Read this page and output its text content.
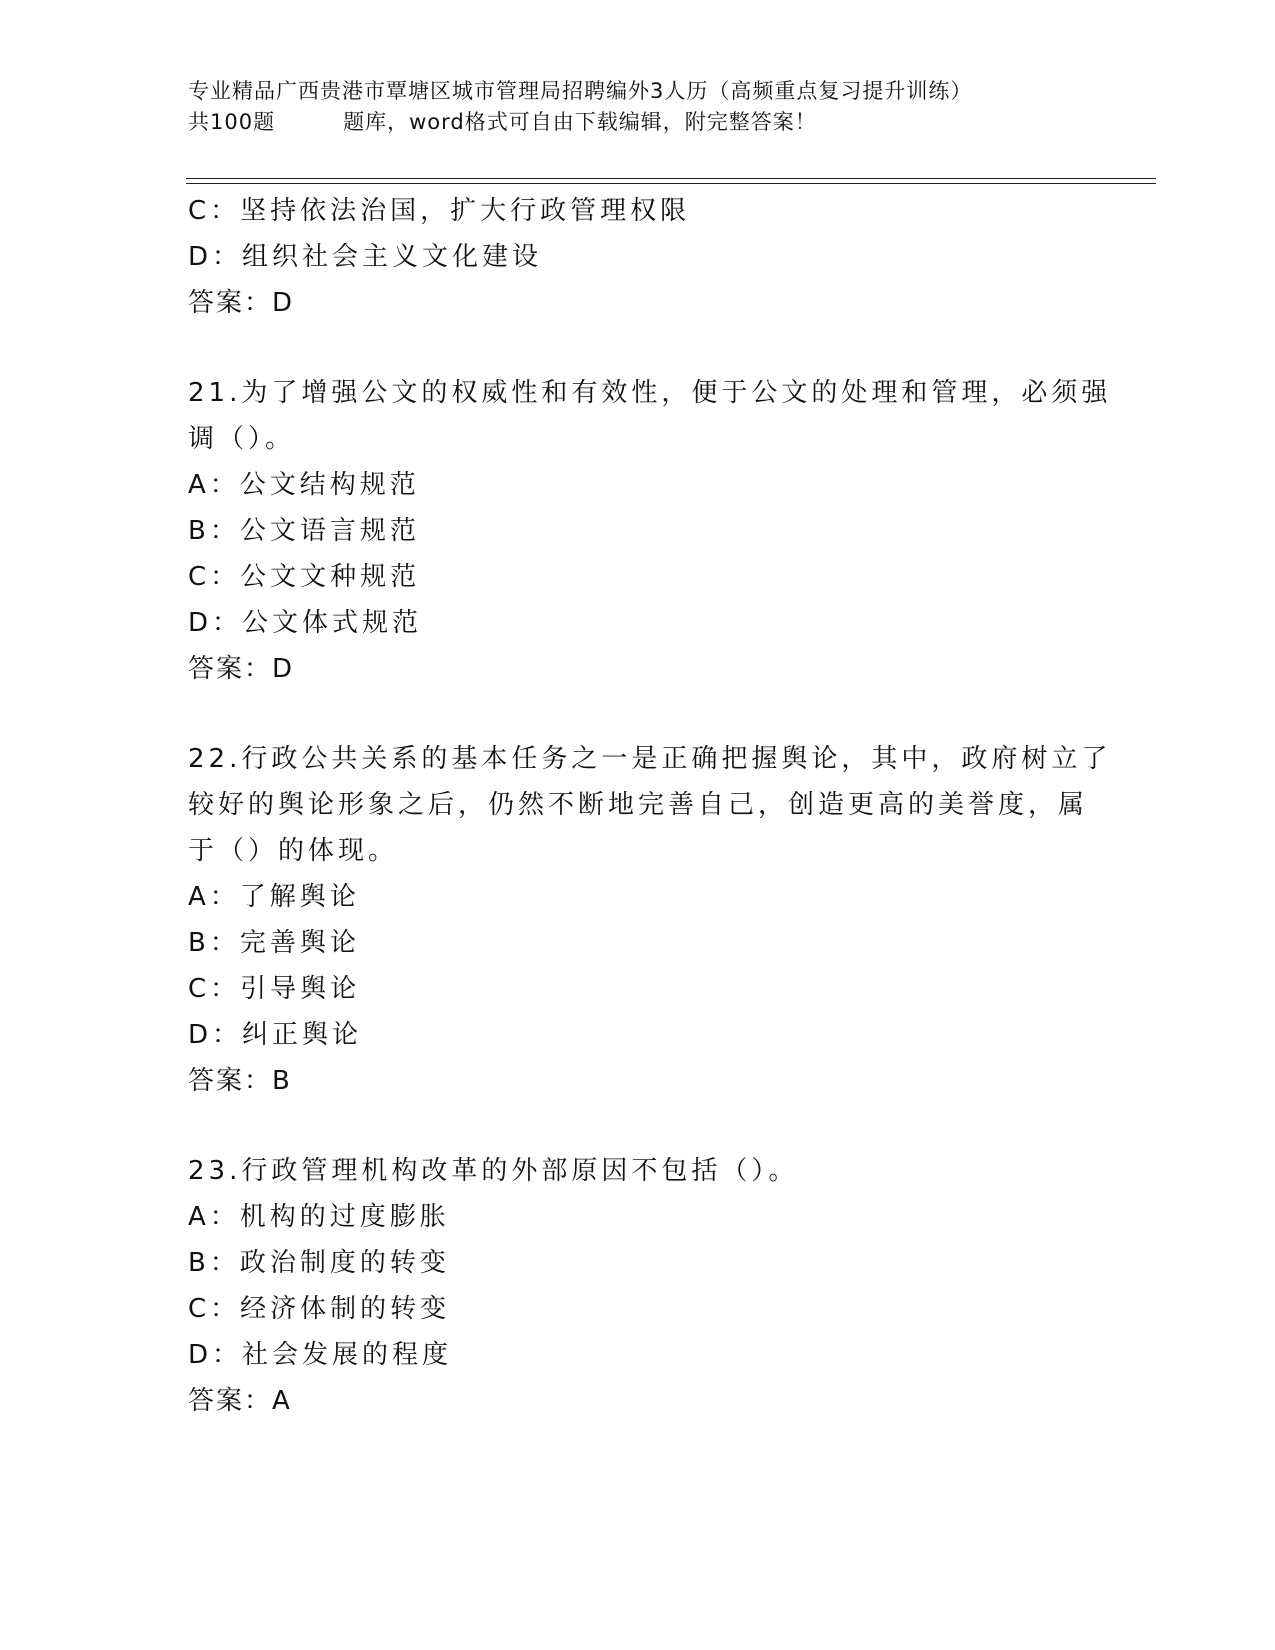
专业精品广西贵港市覃塘区城市管理局招聘编外3人历（高频重点复习提升训练）
共100题	题库，word格式可自由下载编辑，附完整答案！
C：坚持依法治国，扩大行政管理权限
D：组织社会主义文化建设
答案：D
21.为了增强公文的权威性和有效性，便于公文的处理和管理，必须强
调（）。
A：公文结构规范
B：公文语言规范
C：公文文种规范
D：公文体式规范
答案：D
22.行政公共关系的基本任务之一是正确把握舆论，其中，政府树立了
较好的舆论形象之后，仍然不断地完善自己，创造更高的美誉度，属
于（）的体现。
A：了解舆论
B：完善舆论
C：引导舆论
D：纠正舆论
答案：B
23.行政管理机构改革的外部原因不包括（）。
A：机构的过度膨胀
B：政治制度的转变
C：经济体制的转变
D：社会发展的程度
答案：A
